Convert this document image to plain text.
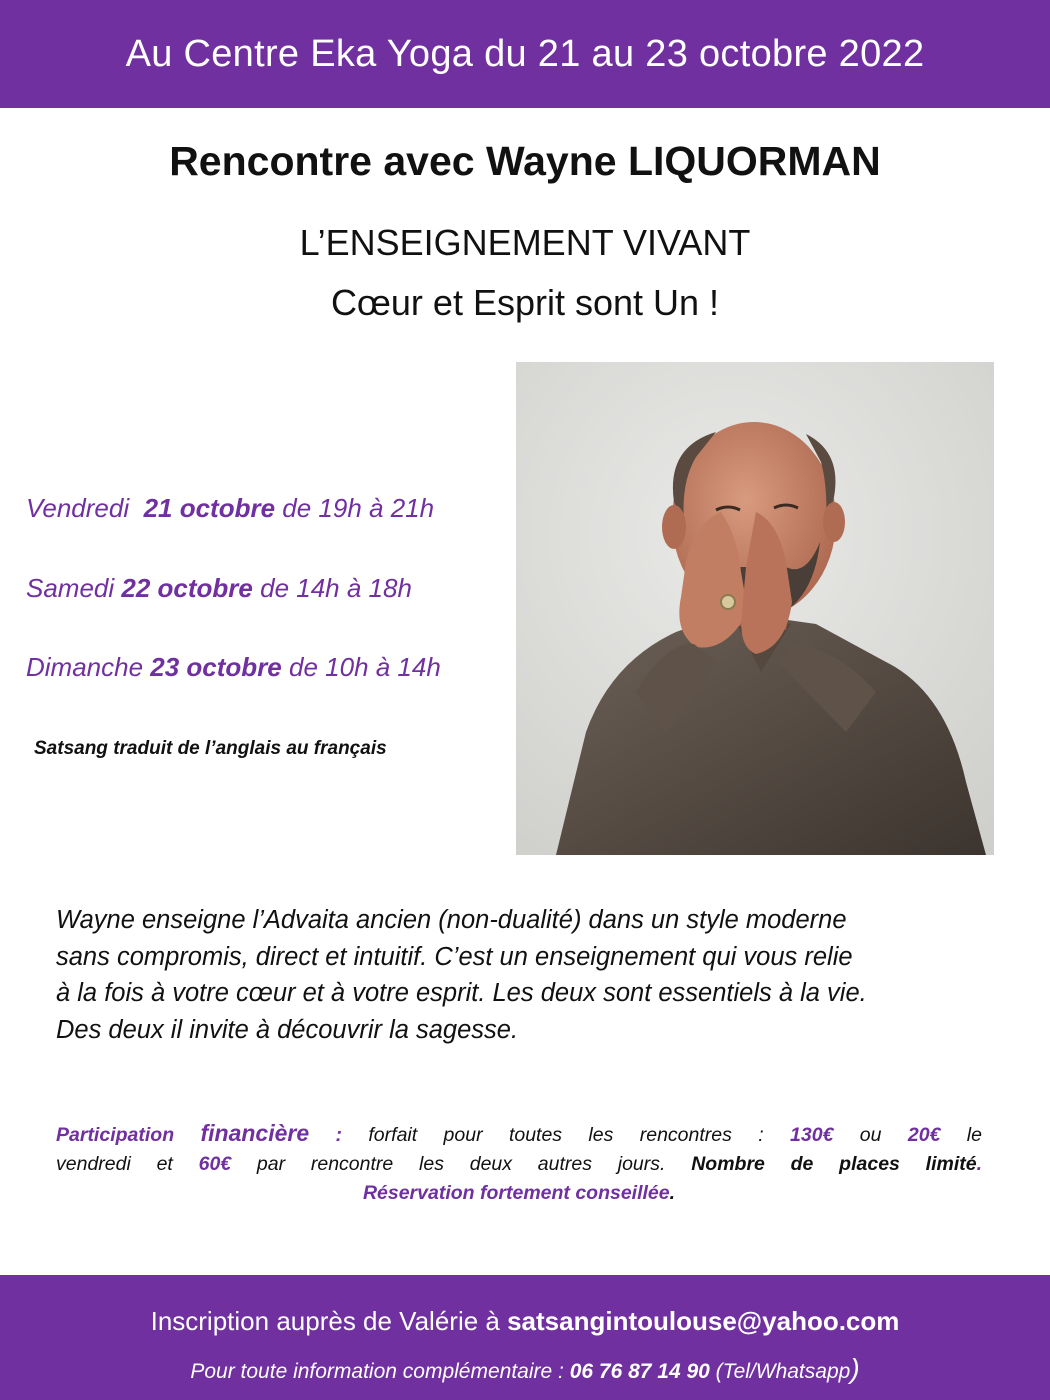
Au Centre Eka Yoga du 21 au 23 octobre 2022
Rencontre avec Wayne LIQUORMAN
L’ENSEIGNEMENT VIVANT
Cœur et Esprit sont Un !
Vendredi  21 octobre de 19h à 21h
Samedi 22 octobre de 14h à 18h
Dimanche 23 octobre de 10h à 14h
Satsang traduit de l’anglais au français
Wayne enseigne l’Advaita ancien (non-dualité) dans un style moderne
sans compromis, direct et intuitif. C’est un enseignement qui vous relie
à la fois à votre cœur et à votre esprit. Les deux sont essentiels à la vie.
Des deux il invite à découvrir la sagesse.
Participation financière : forfait pour toutes les rencontres : 130€ ou 20€ le
vendredi et 60€ par rencontre les deux autres jours. Nombre de places limité.
Réservation fortement conseillée.
Inscription auprès de Valérie à satsangintoulouse@yahoo.com
Pour toute information complémentaire : 06 76 87 14 90 (Tel/Whatsapp)
